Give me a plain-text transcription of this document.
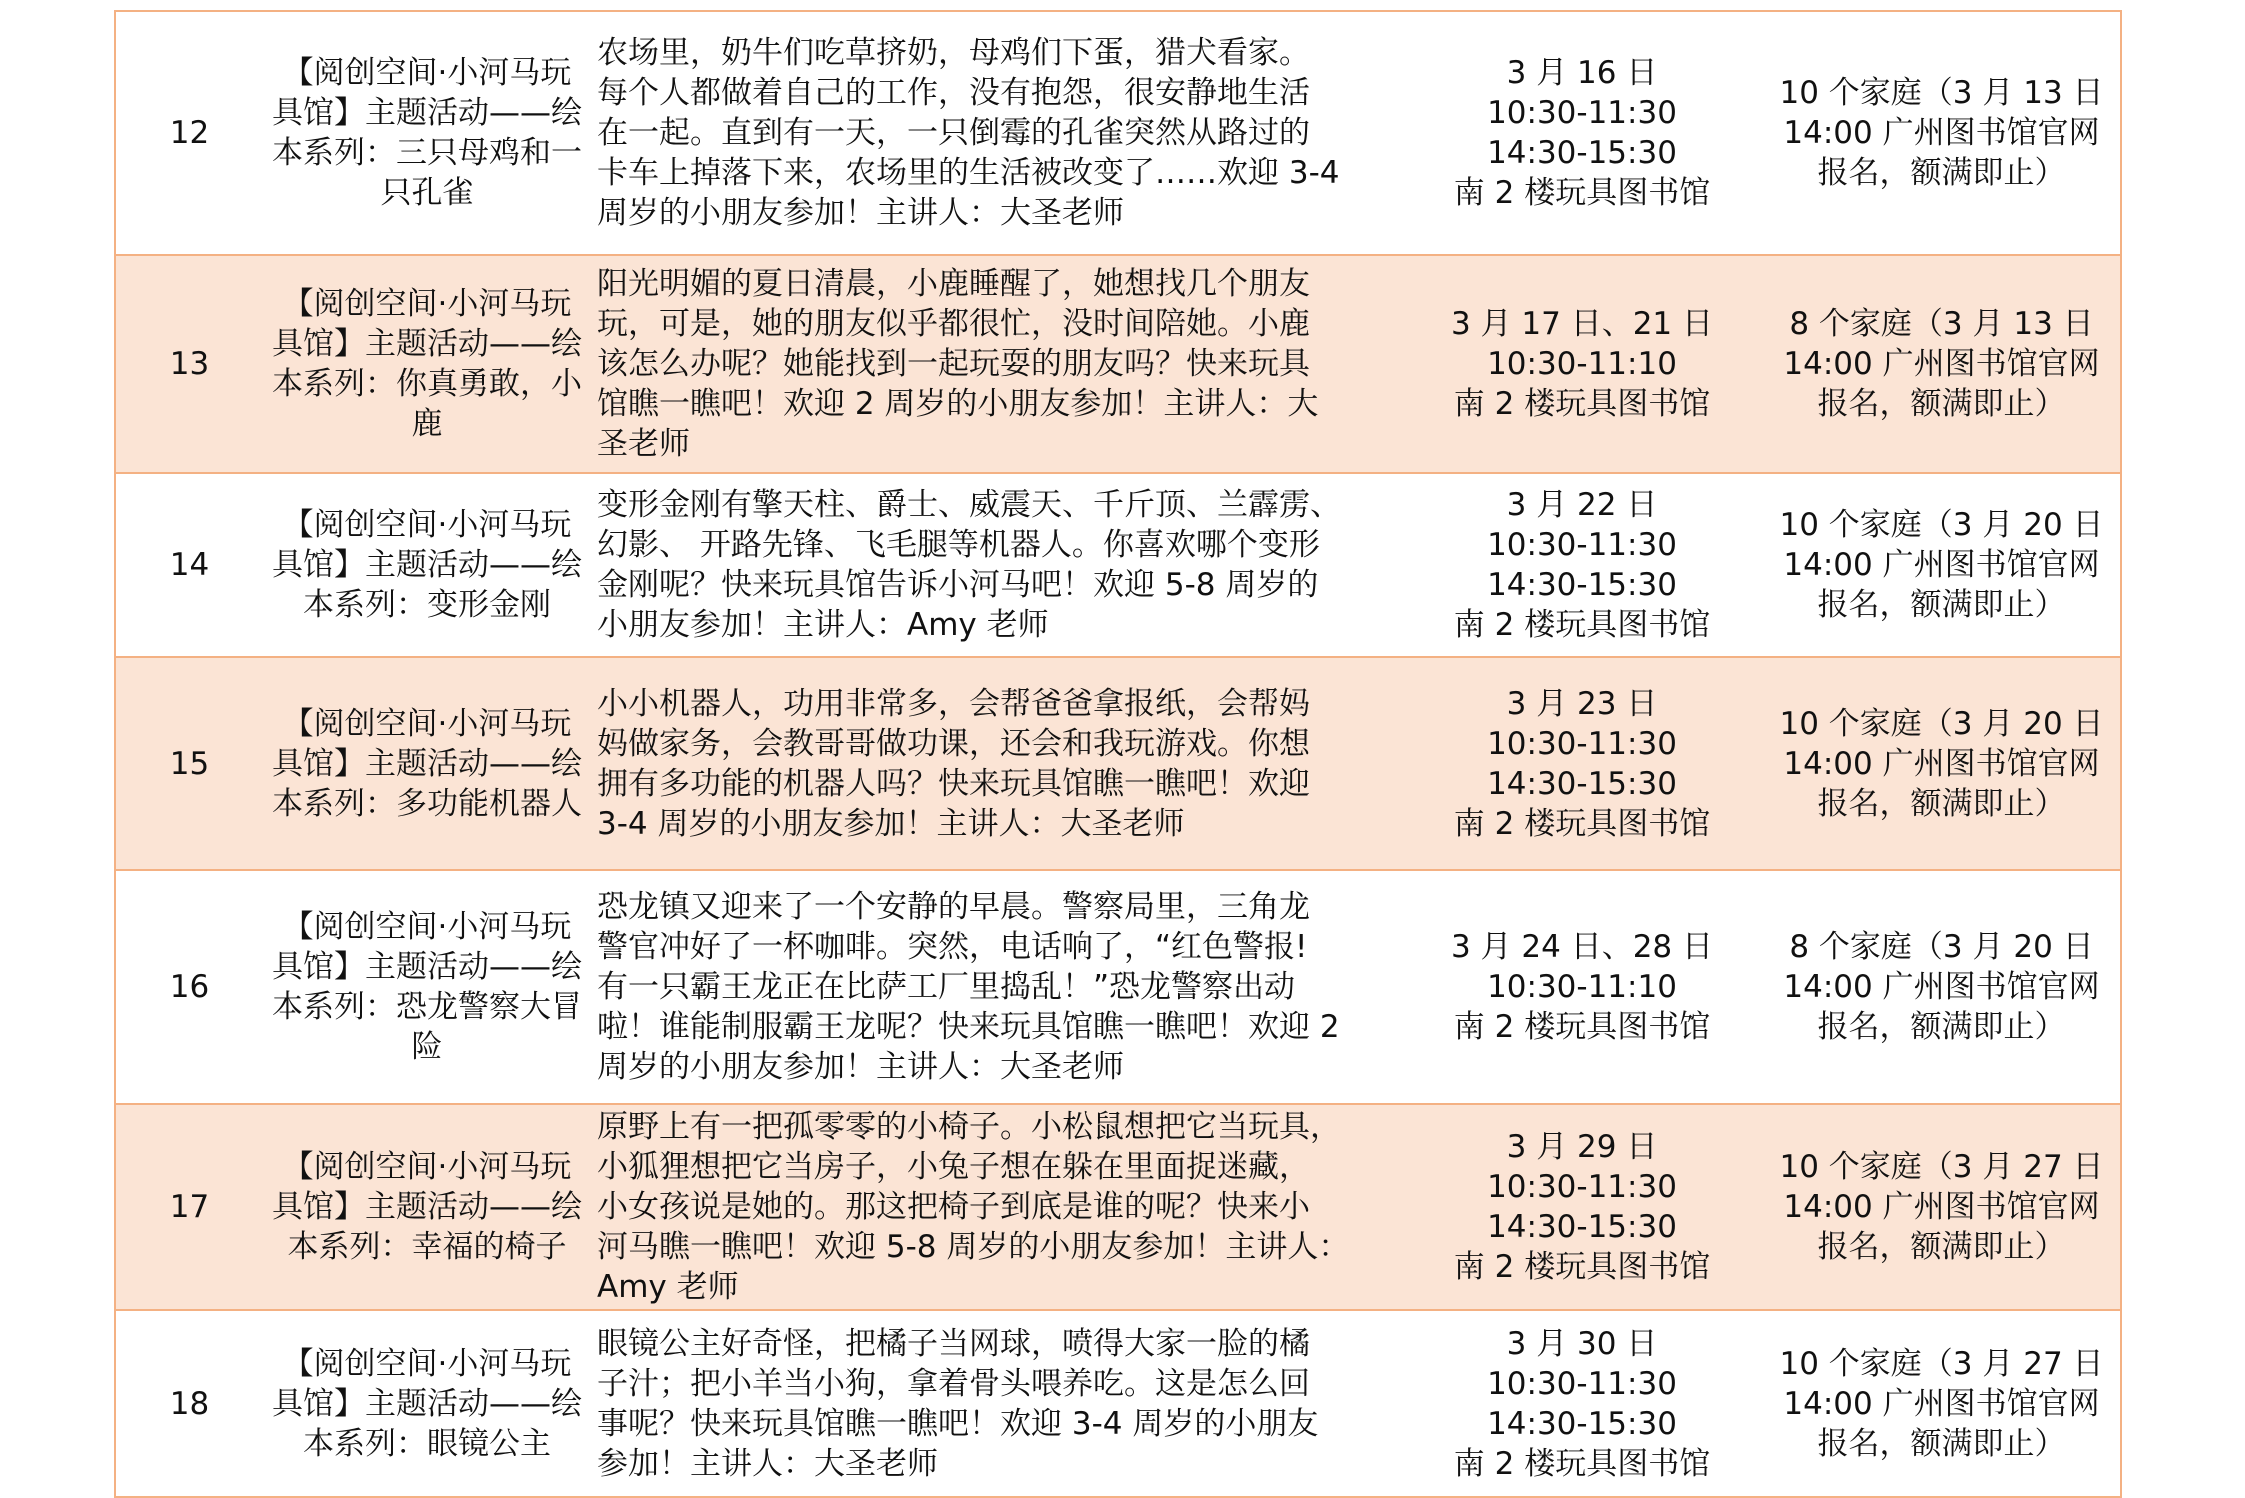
12	【阅创空间·小河马玩
具馆】主题活动——绘
本系列：三只母鸡和一
只孔雀	农场里，奶牛们吃草挤奶，母鸡们下蛋，猎犬看家。
每个人都做着自己的工作，没有抱怨，很安静地生活
在一起。直到有一天，一只倒霉的孔雀突然从路过的
卡车上掉落下来，农场里的生活被改变了……欢迎 3-4
周岁的小朋友参加！主讲人：大圣老师	3 月 16 日
10:30-11:30
14:30-15:30
南 2 楼玩具图书馆	10 个家庭（3 月 13 日
14:00 广州图书馆官网
报名，额满即止）

13	【阅创空间·小河马玩
具馆】主题活动——绘
本系列：你真勇敢，小
鹿	阳光明媚的夏日清晨，小鹿睡醒了，她想找几个朋友
玩，可是，她的朋友似乎都很忙，没时间陪她。小鹿
该怎么办呢？她能找到一起玩耍的朋友吗？快来玩具
馆瞧一瞧吧！欢迎 2 周岁的小朋友参加！主讲人：大
圣老师	3 月 17 日、21 日
10:30-11:10
南 2 楼玩具图书馆	8 个家庭（3 月 13 日
14:00 广州图书馆官网
报名，额满即止）

14	【阅创空间·小河马玩
具馆】主题活动——绘
本系列：变形金刚	变形金刚有擎天柱、爵士、威震天、千斤顶、兰霹雳、
幻影、 开路先锋、飞毛腿等机器人。你喜欢哪个变形
金刚呢？快来玩具馆告诉小河马吧！欢迎 5-8 周岁的
小朋友参加！主讲人：Amy 老师	3 月 22 日
10:30-11:30
14:30-15:30
南 2 楼玩具图书馆	10 个家庭（3 月 20 日
14:00 广州图书馆官网
报名，额满即止）

15	【阅创空间·小河马玩
具馆】主题活动——绘
本系列：多功能机器人	小小机器人，功用非常多，会帮爸爸拿报纸，会帮妈
妈做家务，会教哥哥做功课，还会和我玩游戏。你想
拥有多功能的机器人吗？快来玩具馆瞧一瞧吧！欢迎
3-4 周岁的小朋友参加！主讲人：大圣老师	3 月 23 日
10:30-11:30
14:30-15:30
南 2 楼玩具图书馆	10 个家庭（3 月 20 日
14:00 广州图书馆官网
报名，额满即止）

16	【阅创空间·小河马玩
具馆】主题活动——绘
本系列：恐龙警察大冒
险	恐龙镇又迎来了一个安静的早晨。警察局里，三角龙
警官冲好了一杯咖啡。突然，电话响了，“红色警报!
有一只霸王龙正在比萨工厂里捣乱！”恐龙警察出动
啦！谁能制服霸王龙呢？快来玩具馆瞧一瞧吧！欢迎 2
周岁的小朋友参加！主讲人：大圣老师	3 月 24 日、28 日
10:30-11:10
南 2 楼玩具图书馆	8 个家庭（3 月 20 日
14:00 广州图书馆官网
报名，额满即止）

17	【阅创空间·小河马玩
具馆】主题活动——绘
本系列：幸福的椅子	原野上有一把孤零零的小椅子。小松鼠想把它当玩具，
小狐狸想把它当房子，小兔子想在躲在里面捉迷藏，
小女孩说是她的。那这把椅子到底是谁的呢？快来小
河马瞧一瞧吧！欢迎 5-8 周岁的小朋友参加！主讲人：
Amy 老师	3 月 29 日
10:30-11:30
14:30-15:30
南 2 楼玩具图书馆	10 个家庭（3 月 27 日
14:00 广州图书馆官网
报名，额满即止）

18	【阅创空间·小河马玩
具馆】主题活动——绘
本系列：眼镜公主	眼镜公主好奇怪，把橘子当网球，喷得大家一脸的橘
子汁；把小羊当小狗，拿着骨头喂养吃。这是怎么回
事呢？快来玩具馆瞧一瞧吧！欢迎 3-4 周岁的小朋友
参加！主讲人：大圣老师	3 月 30 日
10:30-11:30
14:30-15:30
南 2 楼玩具图书馆	10 个家庭（3 月 27 日
14:00 广州图书馆官网
报名，额满即止）
